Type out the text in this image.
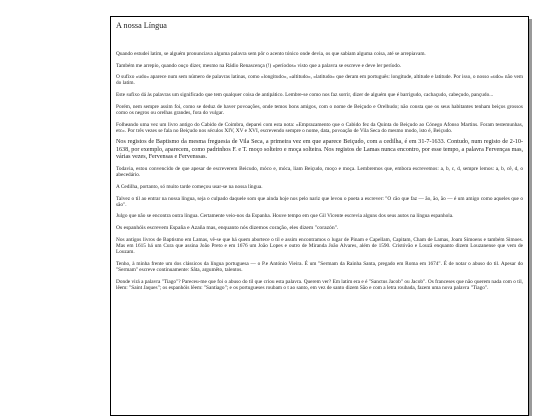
A nossa Língua

Quando estudei latim, se alguém pronunciava alguma palavra sem pôr o acento tónico onde devia, os que sabiam alguma coisa, até se arrepiavam.

Também me arrepio, quando ouço dizer, mesmo na Rádio Renascença (!) «períodos» visto que a palavra se escreve e deve ler período.

O sufixo «udo» aparece num sem número de palavras latinas, como «longitudo», «altitudo», «latitudo» que deram em português: longitude, altitude e latitude. Por isso, o nosso «udo» não vem do latim.

Este sufixo dá às palavras um significado que tem qualquer coisa de antipático. Lembre-se como nos faz sorrir, dizer de alguém que é barrigudo, cachaçudo, cabeçudo, pançudo...

Porém, nem sempre assim foi, como se deduz de haver povoações, onde temos bons amigos, com o nome de Beiçudo e Orelhudo; não consta que os seus habitantes tenham beiços grossos como os negros ou orelhas grandes, fora do vulgar.

Folheando uma vez um livro antigo do Cabido de Coimbra, deparei com esta nota: «Emprazamento que o Cabido fez da Quinta do Beiçudo ao Cónego Afonso Martins. Foram testemunhas, etc». Por três vezes se fala no Beiçudo nos séculos XIV, XV e XVI, escrevendo sempre o nome, data, povoação de Vila Seca do mesmo modo, isto é, Beiçudo.

Nos registos de Baptismo da mesma freguesia de Vila Seca, a primeira vez em que aparece Beiçudo, com a cedilha, é em 31-7-1633. Contudo, num registo de 2-10-1638, por exemplo, aparecem, como padrinhos F. e T. moço solteiro e moça solteira. Nos registos de Lamas nunca encontro, por esse tempo, a palavra Fervenças mas, várias vezes, Fervensas e Fervenssas.

Todavia, estou convencido de que apesar de escreverem Beicudo, móco e, móca, liam Beiçudo, moço e moça. Lembremos que, embora escrevemos: a, b, c, d, sempre lemos: a, b, cê, d, o abecedário.

A Cedilha, portanto, só muito tarde começou usar-se na nossa língua.

Talvez o til ao entrar na nossa língua, seja o culpado daquele som que ainda hoje nos pelo nariz que levou o poeta a escrever: "O cão que faz — ão, ão, ão — é um amigo como aqueles que o são".

Julgo que não se encontra outra língua. Certamente veio-nos da Espanha. Houve tempo em que Gil Vicente escrevia alguns dos seus autos na língua espanhola.

Os espanhóis escrevem España e Azaña mas, enquanto nós dizemos coração, eles dizem "corazón".

Nos antigos livros de Baptismo em Lamas, vê-se que há quem abortece o til e assim encontramos o lugar de Pinam e Capellam, Capitam, Cham de Lamas, Joam Simoens e também Simoes. Mas em 1615 há um Cura que assina João Preto e em 1676 um João Lopes e outro de Miranda João Alvares, além de 1590. Cristóvão e Louzã enquanto dizem Louzanense que vem de Louzam.

Tenho, à minha frente um dos clássicos da língua portuguesa — o P.e António Vieira. É um "Sermam da Rainha Santa, pregado em Roma em 1674". É de notar o abuso do til. Apesar do "Sermam" escreve continuamente: Sâta, argumêto, talentos.

Donde virá a palavra "Tiago"? Pareceu-me que foi o abuso do til que criou esta palavra. Querem ver? Em latim era e é "Sanctus Jacob" ou Jacob". Os franceses que não querem nada com o til, lêem: "Saint Jaques"; os espanhóis lêem: "Santiago"; e os portugueses roubam o t ao santo, em vez de santo dizem São e com a letra roubada, fazem uma nova palavra "Tiago".
